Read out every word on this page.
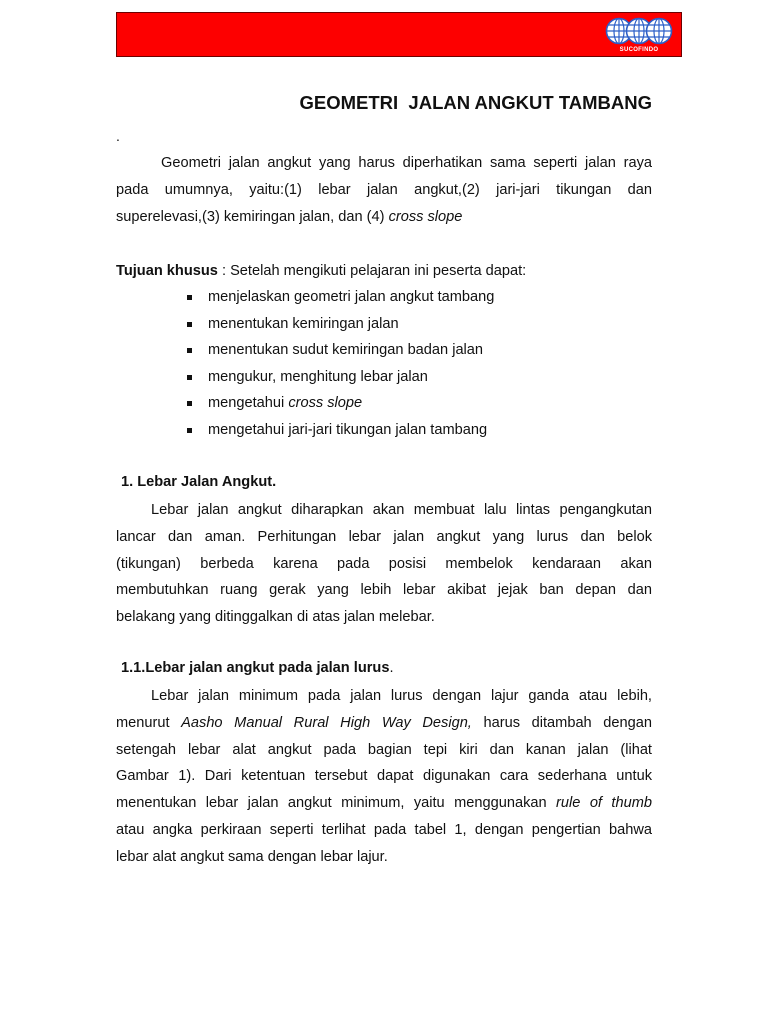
SUCOFINDO
GEOMETRI  JALAN ANGKUT TAMBANG
.
Geometri jalan angkut yang harus diperhatikan sama seperti jalan raya
pada umumnya, yaitu:(1) lebar jalan angkut,(2) jari-jari tikungan dan
superelevasi,(3) kemiringan jalan, dan (4) cross slope

Tujuan khusus : Setelah mengikuti pelajaran ini peserta dapat:

menjelaskan geometri jalan angkut tambang
menentukan kemiringan jalan
menentukan sudut kemiringan badan jalan
mengukur, menghitung lebar jalan
mengetahui cross slope
mengetahui jari-jari tikungan jalan tambang
1. Lebar Jalan Angkut.
Lebar jalan angkut diharapkan akan membuat lalu lintas pengangkutan
lancar dan aman. Perhitungan lebar jalan angkut yang lurus dan belok
(tikungan) berbeda karena pada posisi membelok kendaraan akan
membutuhkan ruang gerak yang lebih lebar akibat jejak ban depan dan
belakang yang ditinggalkan di atas jalan melebar.
1.1.Lebar jalan angkut pada jalan lurus.
Lebar jalan minimum pada jalan lurus dengan lajur ganda atau lebih,
menurut Aasho Manual Rural High Way Design, harus ditambah dengan
setengah lebar alat angkut pada bagian tepi kiri dan kanan jalan (lihat
Gambar 1). Dari ketentuan tersebut dapat digunakan cara sederhana untuk
menentukan lebar jalan angkut minimum, yaitu menggunakan rule of thumb
atau angka perkiraan seperti terlihat pada tabel 1, dengan pengertian bahwa
lebar alat angkut sama dengan lebar lajur.
